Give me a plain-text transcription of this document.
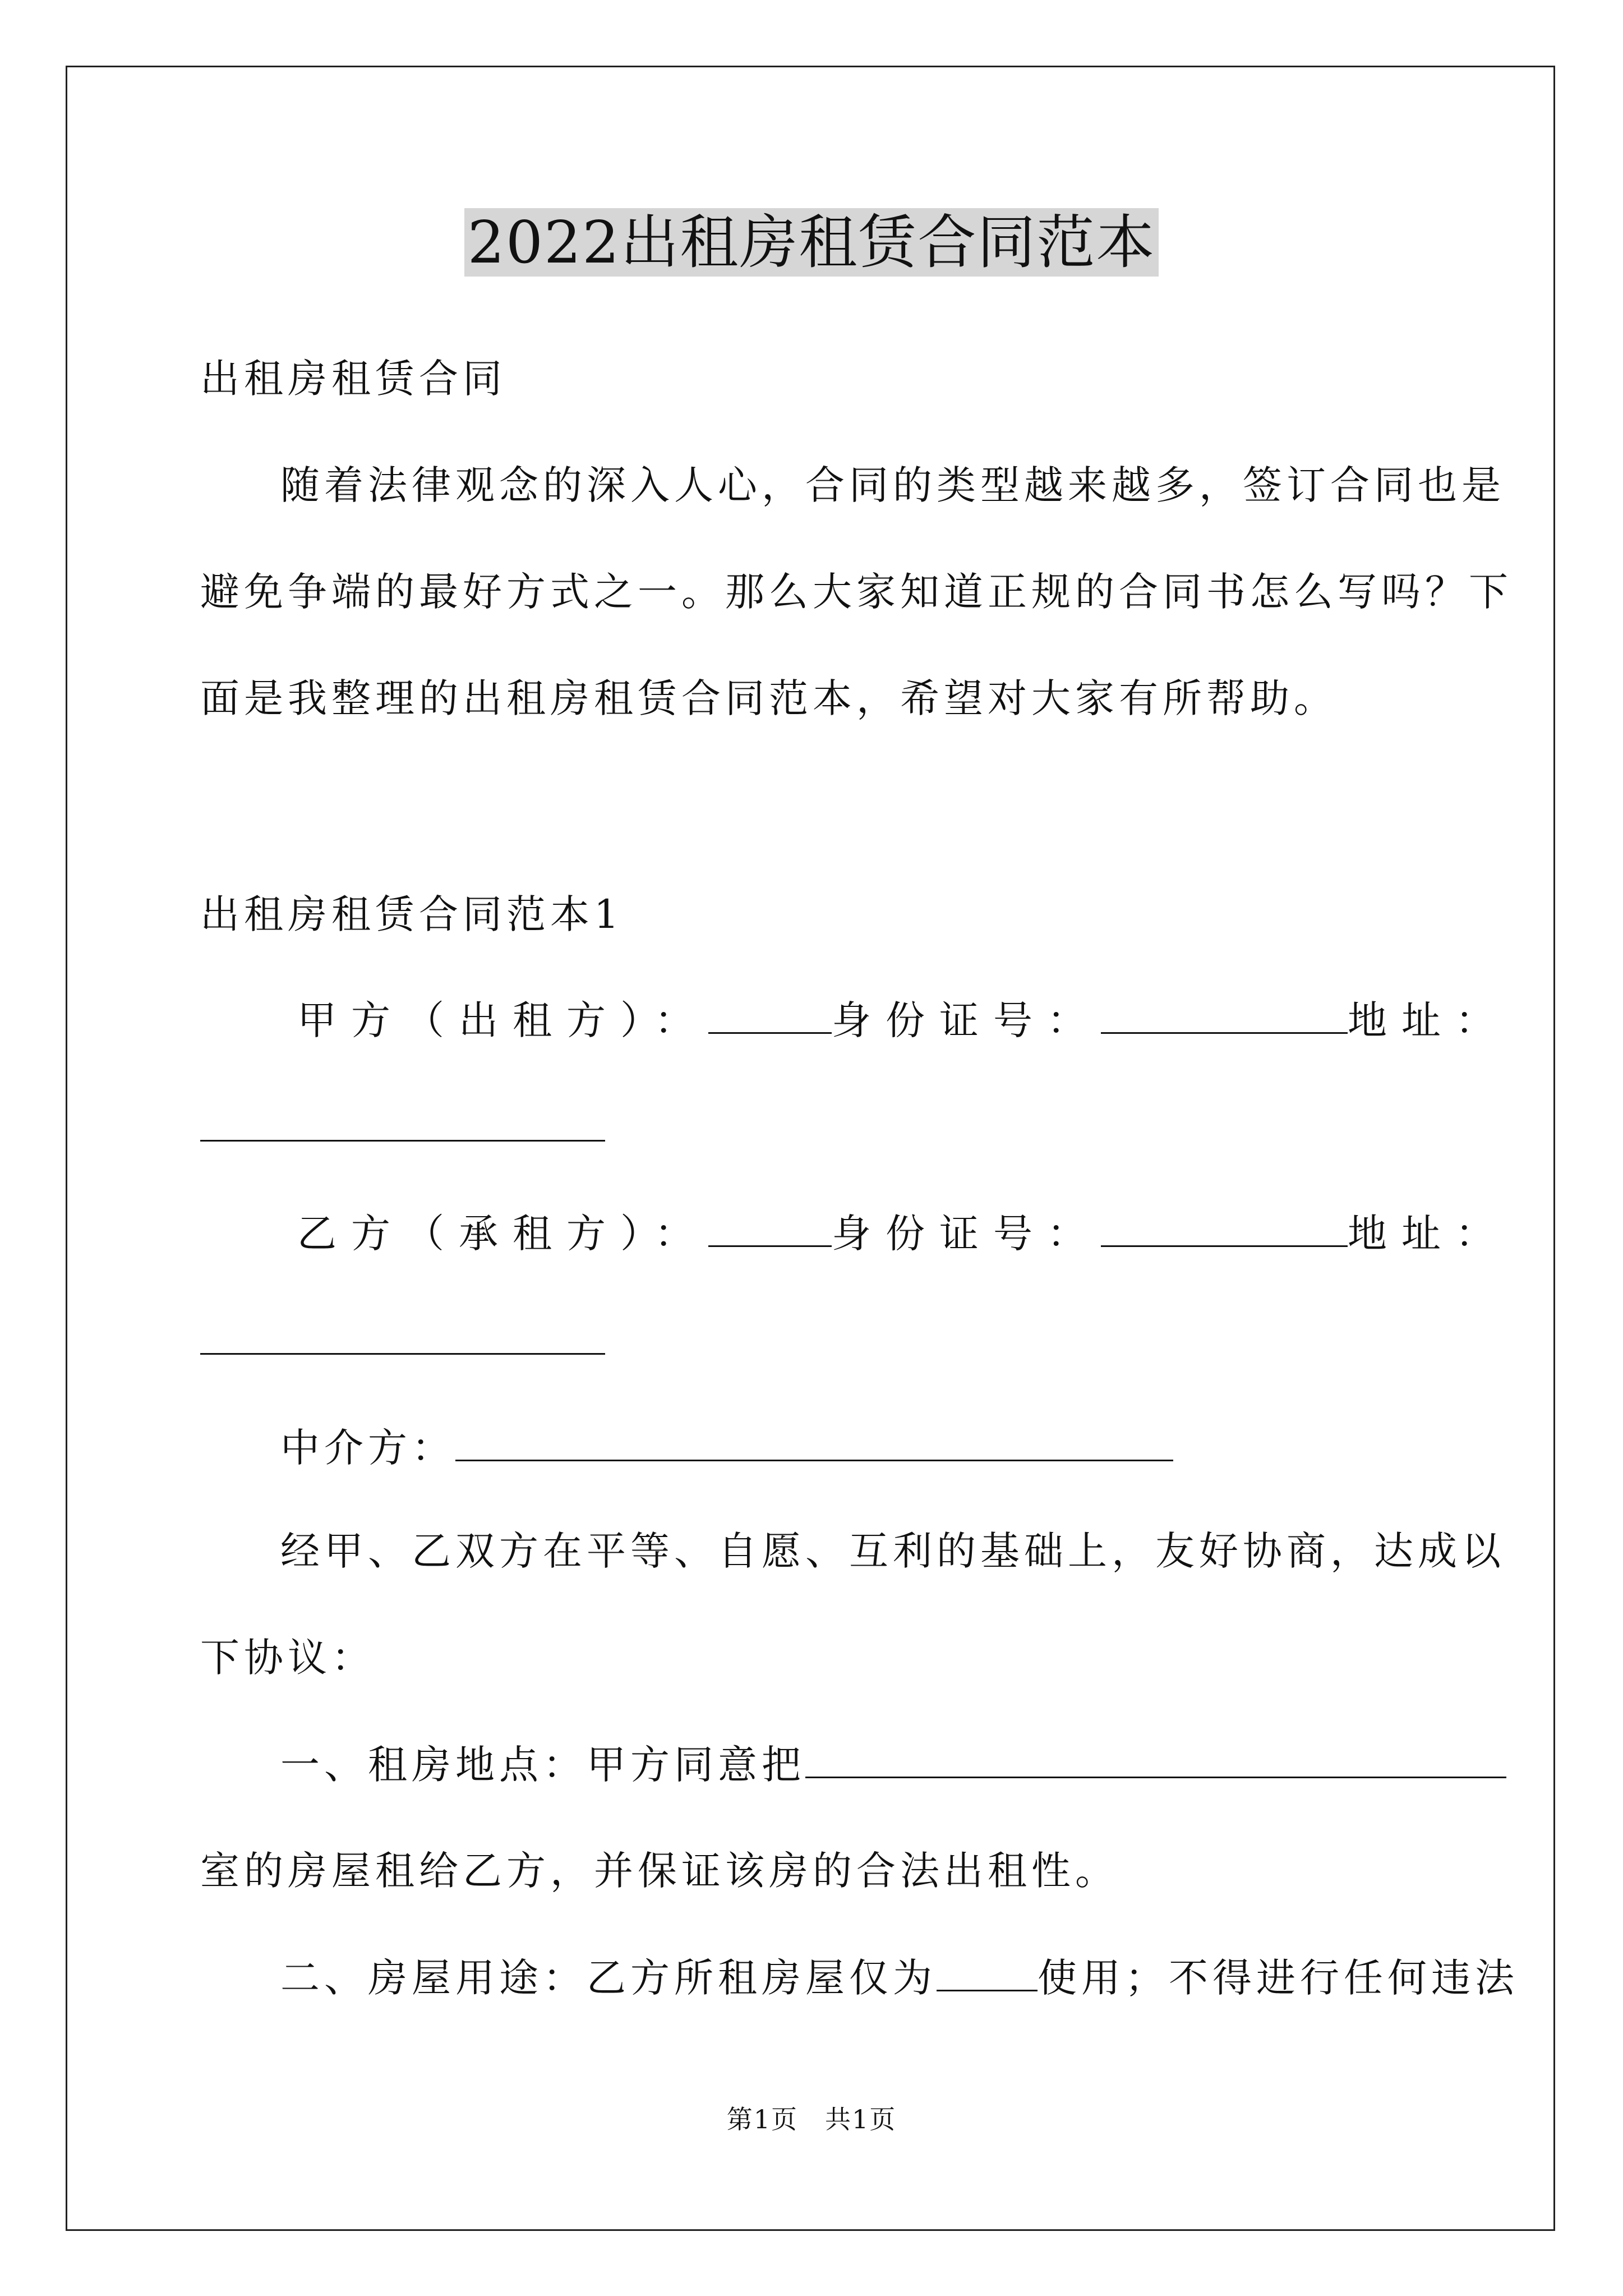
2022出租房租赁合同范本
出租房租赁合同
随着法律观念的深入人心，合同的类型越来越多，签订合同也是
避免争端的最好方式之一。那么大家知道正规的合同书怎么写吗？下
面是我整理的出租房租赁合同范本，希望对大家有所帮助。
出租房租赁合同范本1
甲方（出租方）：	身份证号：	地址：
乙方（承租方）：	身份证号：	地址：
中介方：
经甲、乙双方在平等、自愿、互利的基础上，友好协商，达成以
下协议：
一、租房地点：甲方同意把
室的房屋租给乙方，并保证该房的合法出租性。
二、房屋用途：乙方所租房屋仅为	使用；不得进行任何违法
第1页　共1页
